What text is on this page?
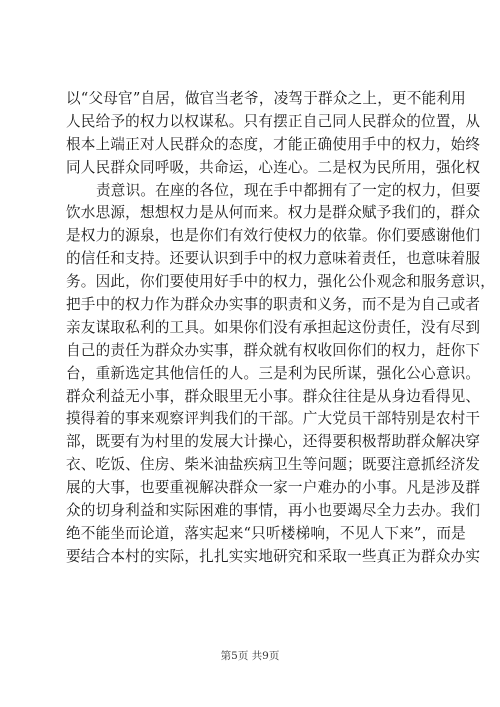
以“父母官”自居，做官当老爷，凌驾于群众之上，更不能利用
人民给予的权力以权谋私。只有摆正自己同人民群众的位置，从
根本上端正对人民群众的态度，才能正确使用手中的权力，始终
同人民群众同呼吸，共命运，心连心。二是权为民所用，强化权
责意识。在座的各位，现在手中都拥有了一定的权力，但要
饮水思源，想想权力是从何而来。权力是群众赋予我们的，群众
是权力的源泉，也是你们有效行使权力的依靠。你们要感谢他们
的信任和支持。还要认识到手中的权力意味着责任，也意味着服
务。因此，你们要使用好手中的权力，强化公仆观念和服务意识，
把手中的权力作为群众办实事的职责和义务，而不是为自己或者
亲友谋取私利的工具。如果你们没有承担起这份责任，没有尽到
自己的责任为群众办实事，群众就有权收回你们的权力，赶你下
台，重新选定其他信任的人。三是利为民所谋，强化公心意识。
群众利益无小事，群众眼里无小事。群众往往是从身边看得见、
摸得着的事来观察评判我们的干部。广大党员干部特别是农村干
部，既要有为村里的发展大计操心，还得要积极帮助群众解决穿
衣、吃饭、住房、柴米油盐疾病卫生等问题；既要注意抓经济发
展的大事，也要重视解决群众一家一户难办的小事。凡是涉及群
众的切身利益和实际困难的事情，再小也要竭尽全力去办。我们
绝不能坐而论道，落实起来“只听楼梯响，不见人下来”，而是
要结合本村的实际，扎扎实实地研究和采取一些真正为群众办实
第5页 共9页
